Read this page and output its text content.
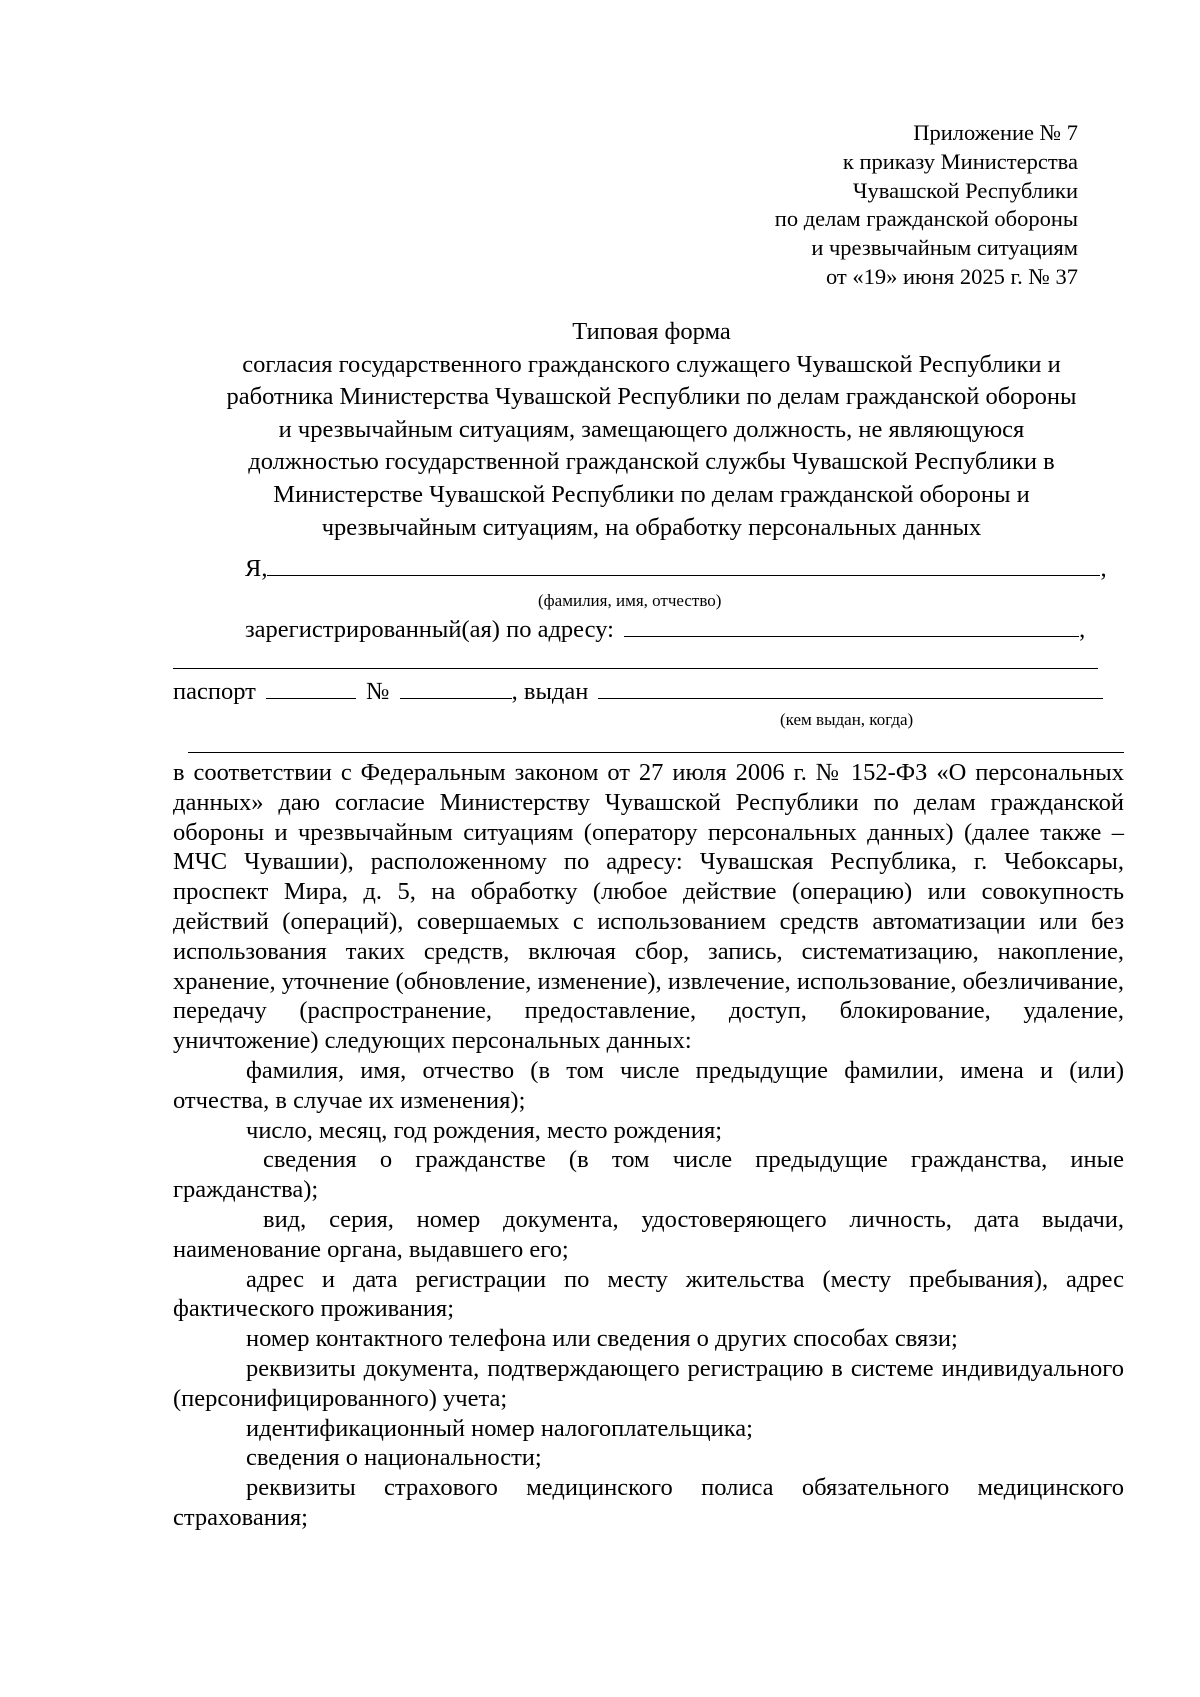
Приложение № 7
к приказу Министерства
Чувашской Республики
по делам гражданской обороны
и чрезвычайным ситуациям
от «19» июня 2025 г. № 37
Типовая форма
согласия государственного гражданского служащего Чувашской Республики и
работника Министерства Чувашской Республики по делам гражданской обороны
и чрезвычайным ситуациям, замещающего должность, не являющуюся
должностью государственной гражданской службы Чувашской Республики в
Министерстве Чувашской Республики по делам гражданской обороны и
чрезвычайным ситуациям, на обработку персональных данных
Я,	,
(фамилия, имя, отчество)
зарегистрированный(ая) по адресу:	,
паспорт	№	, выдан
(кем выдан, когда)

в соответствии с Федеральным законом от 27 июля 2006 г. № 152-ФЗ «О персональных данных» даю согласие Министерству Чувашской Республики по делам гражданской обороны и чрезвычайным ситуациям (оператору персональных данных) (далее также – МЧС Чувашии), расположенному по адресу: Чувашская Республика, г. Чебоксары, проспект Мира, д. 5, на обработку (любое действие (операцию) или совокупность действий (операций), совершаемых с использованием средств автоматизации или без использования таких средств, включая сбор, запись, систематизацию, накопление, хранение, уточнение (обновление, изменение), извлечение, использование, обезличивание, передачу (распространение, предоставление, доступ, блокирование, удаление, уничтожение) следующих персональных данных:

фамилия, имя, отчество (в том числе предыдущие фамилии, имена и (или) отчества, в случае их изменения);

число, месяц, год рождения, место рождения;

сведения о гражданстве (в том числе предыдущие гражданства, иные гражданства);

вид, серия, номер документа, удостоверяющего личность, дата выдачи, наименование органа, выдавшего его;

адрес и дата регистрации по месту жительства (месту пребывания), адрес фактического проживания;

номер контактного телефона или сведения о других способах связи;

реквизиты документа, подтверждающего регистрацию в системе индивидуального (персонифицированного) учета;

идентификационный номер налогоплательщика;

сведения о национальности;

реквизиты страхового медицинского полиса обязательного медицинского страхования;
